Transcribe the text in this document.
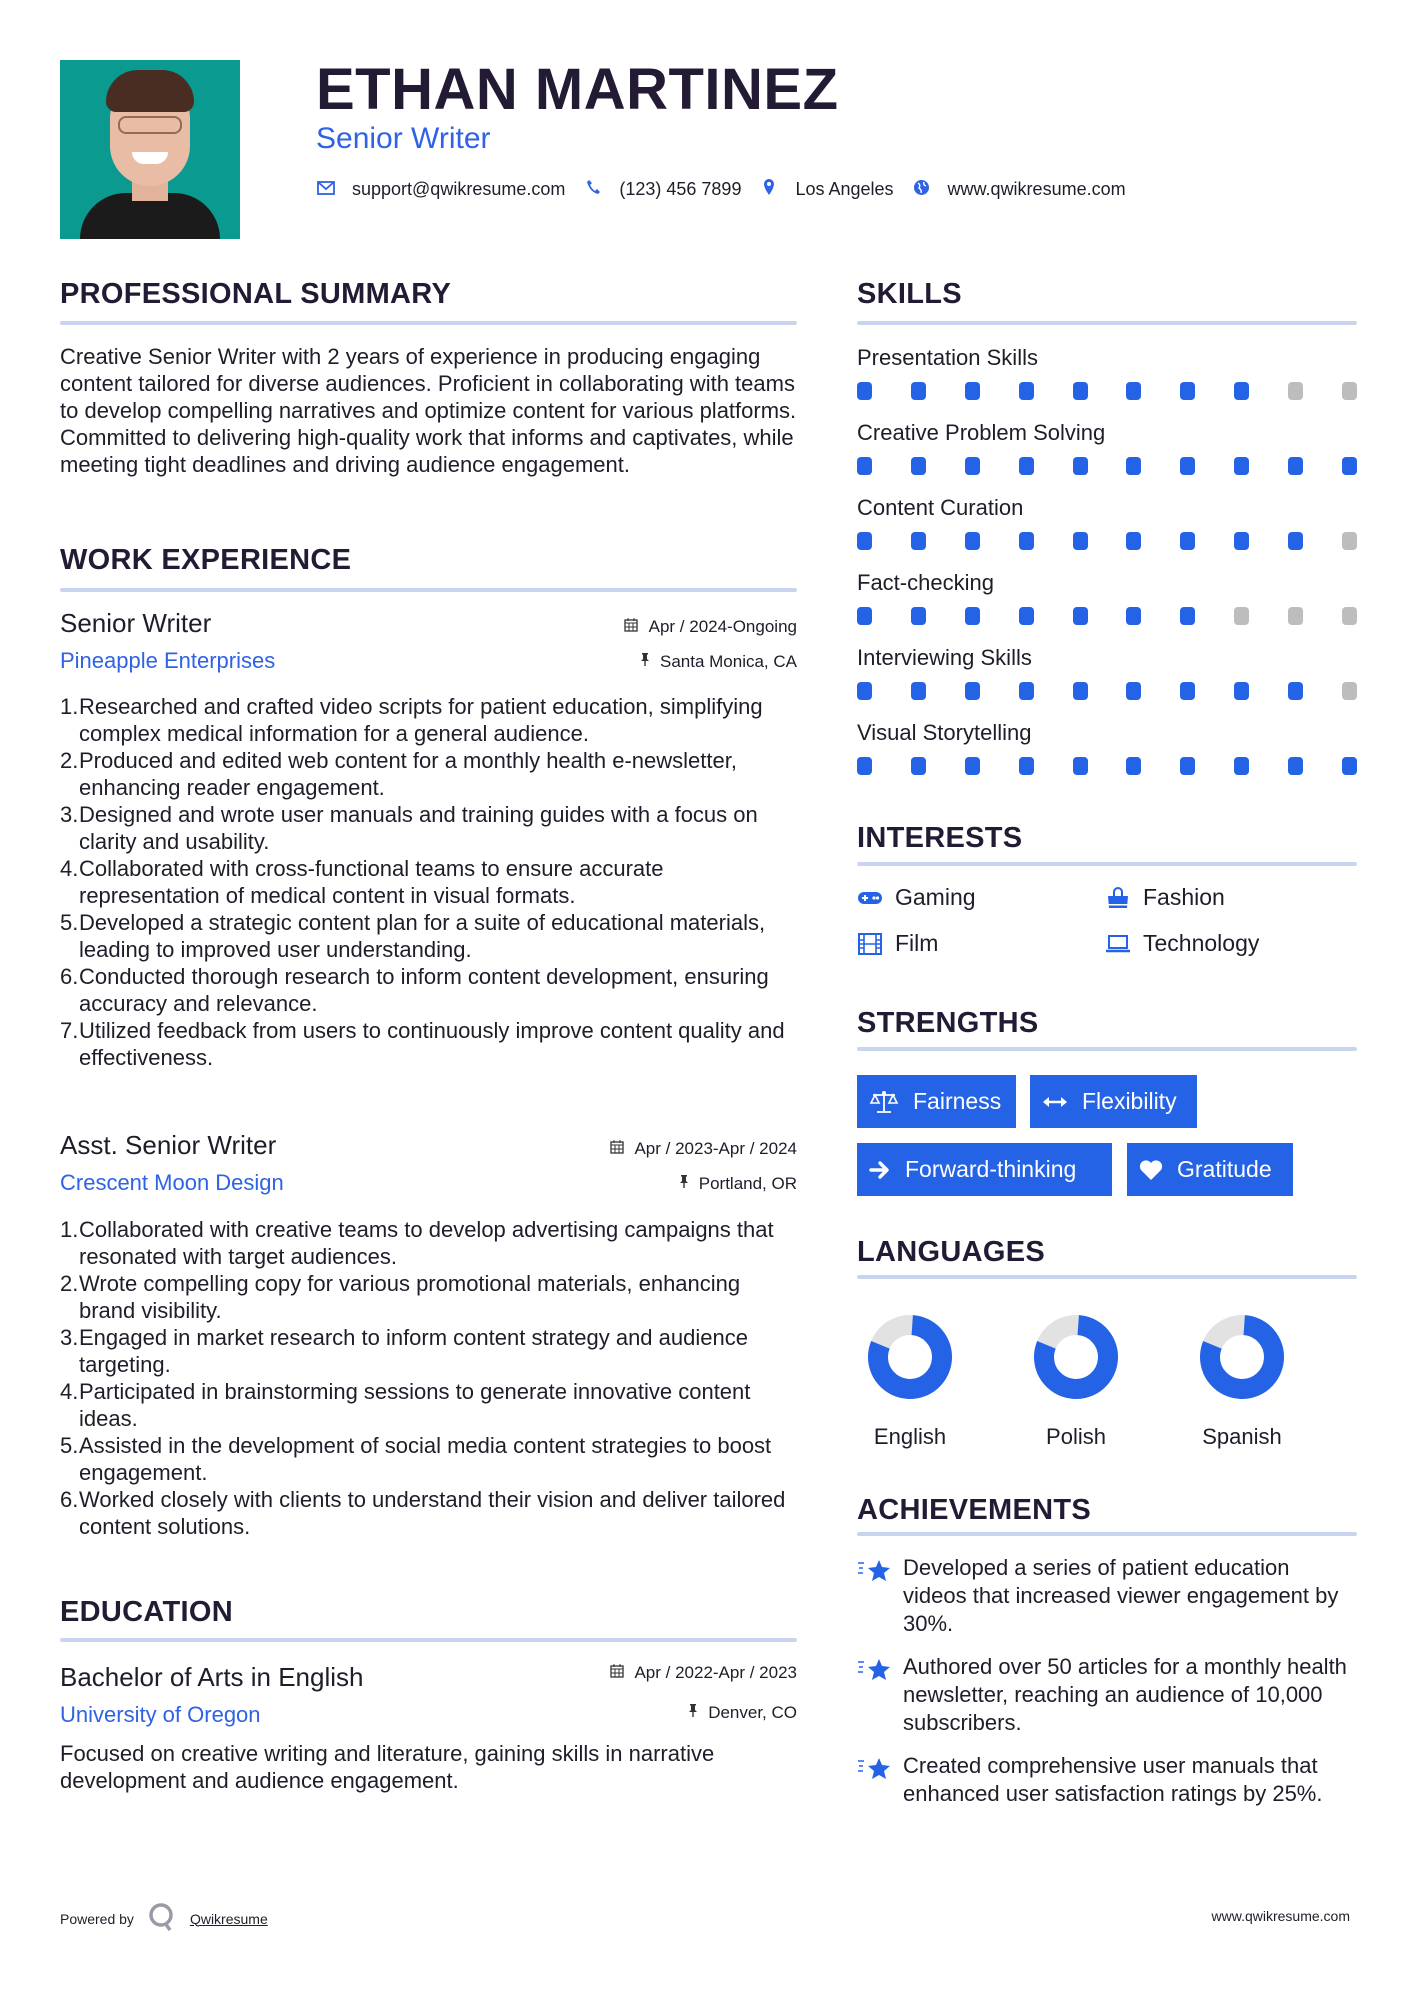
ETHAN MARTINEZ
Senior Writer
support@qwikresume.com	(123) 456 7899	Los Angeles	www.qwikresume.com
PROFESSIONAL SUMMARY
Creative Senior Writer with 2 years of experience in producing engaging content tailored for diverse audiences. Proficient in collaborating with teams to develop compelling narratives and optimize content for various platforms. Committed to delivering high-quality work that informs and captivates, while meeting tight deadlines and driving audience engagement.
WORK EXPERIENCE
Senior Writer	Apr / 2024-Ongoing
Pineapple Enterprises	Santa Monica, CA
1. Researched and crafted video scripts for patient education, simplifying complex medical information for a general audience.
2. Produced and edited web content for a monthly health e-newsletter, enhancing reader engagement.
3. Designed and wrote user manuals and training guides with a focus on clarity and usability.
4. Collaborated with cross-functional teams to ensure accurate representation of medical content in visual formats.
5. Developed a strategic content plan for a suite of educational materials, leading to improved user understanding.
6. Conducted thorough research to inform content development, ensuring accuracy and relevance.
7. Utilized feedback from users to continuously improve content quality and effectiveness.
Asst. Senior Writer	Apr / 2023-Apr / 2024
Crescent Moon Design	Portland, OR
1. Collaborated with creative teams to develop advertising campaigns that resonated with target audiences.
2. Wrote compelling copy for various promotional materials, enhancing brand visibility.
3. Engaged in market research to inform content strategy and audience targeting.
4. Participated in brainstorming sessions to generate innovative content ideas.
5. Assisted in the development of social media content strategies to boost engagement.
6. Worked closely with clients to understand their vision and deliver tailored content solutions.
EDUCATION
Bachelor of Arts in English	Apr / 2022-Apr / 2023
University of Oregon	Denver, CO
Focused on creative writing and literature, gaining skills in narrative development and audience engagement.
SKILLS
Presentation Skills
Creative Problem Solving
Content Curation
Fact-checking
Interviewing Skills
Visual Storytelling
INTERESTS
Gaming	Fashion
Film	Technology
STRENGTHS
Fairness	Flexibility
Forward-thinking	Gratitude
LANGUAGES
English	Polish	Spanish
ACHIEVEMENTS
Developed a series of patient education videos that increased viewer engagement by 30%.
Authored over 50 articles for a monthly health newsletter, reaching an audience of 10,000 subscribers.
Created comprehensive user manuals that enhanced user satisfaction ratings by 25%.
Powered by	Qwikresume	www.qwikresume.com
